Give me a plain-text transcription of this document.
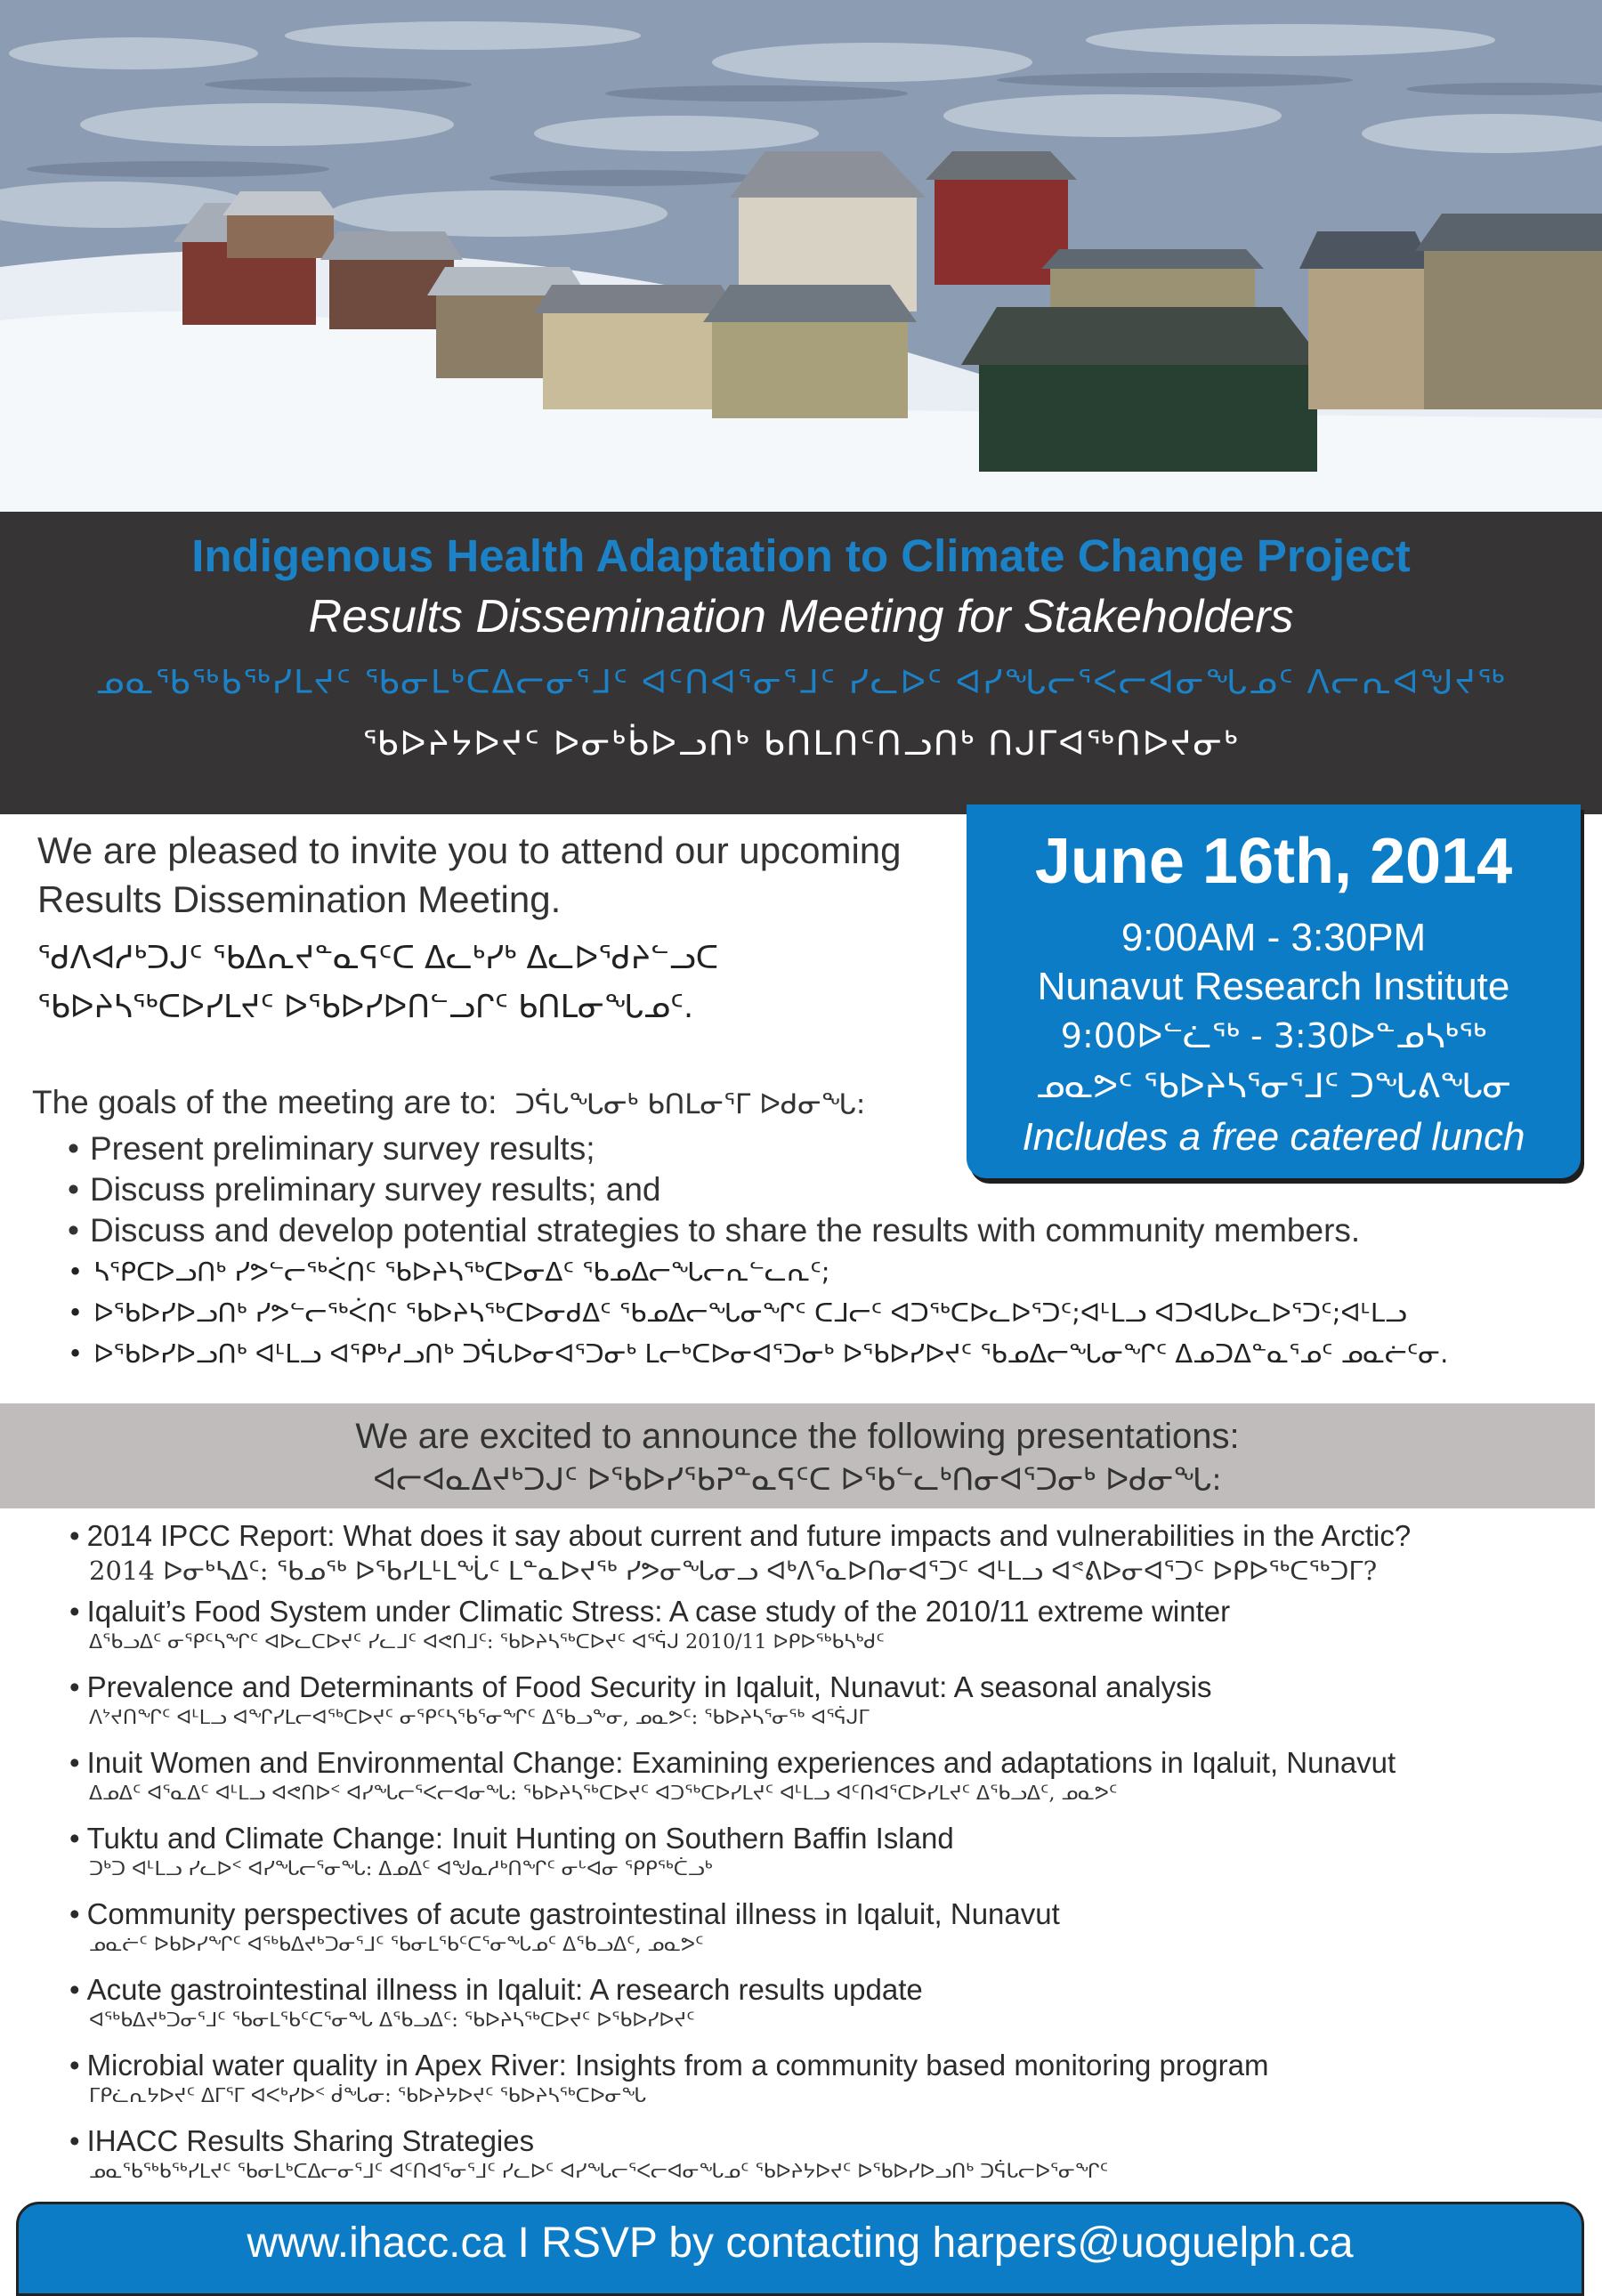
Indigenous Health Adaptation to Climate Change Project
Results Dissemination Meeting for Stakeholders
ᓄᓇᖃᖅᑲᖅᓯᒪᔪᑦ ᖃᓂᒪᒃᑕᐃᓕᓂᕐᒧᑦ ᐊᑦᑎᐊᕐᓂᕐᒧᑦ ᓯᓚᐅᑦ ᐊᓯᖓᓕᕐᐸᓕᐊᓂᖓᓄᑦ ᐱᓕᕆᐊᖑᔪᖅ
ᖃᐅᔨᔭᐅᔪᑦ ᐅᓂᒃᑳᐅᓗᑎᒃ ᑲᑎᒪᑎᑦᑎᓗᑎᒃ ᑎᒍᒥᐊᖅᑎᐅᔪᓂᒃ
We are pleased to invite you to attend our upcoming Results Dissemination Meeting.
ᖁᐱᐊᓱᒃᑐᒍᑦ ᖃᐃᕆᔪᓐᓇᕋᑦᑕ ᐃᓚᒃᓯᒃ ᐃᓚᐅᖁᔨᓪᓗᑕ ᖃᐅᔨᓴᖅᑕᐅᓯᒪᔪᑦ ᐅᖃᐅᓯᐅᑎᓪᓗᒋᑦ ᑲᑎᒪᓂᖓᓄᑦ.
June 16th, 2014
9:00AM - 3:30PM
Nunavut Research Institute
9:00ᐅᓪᓛᖅ - 3:30ᐅᓐᓄᓴᒃᖅ
ᓄᓇᕗᑦ ᖃᐅᔨᓴᕐᓂᕐᒧᑦ ᑐᖓᕕᖓᓂ
Includes a free catered lunch
The goals of the meeting are to: ᑐᕌᒐᖓᓂᒃ ᑲᑎᒪᓂᕐᒥ ᐅᑯᓂᖓ:
• Present preliminary survey results;
• Discuss preliminary survey results; and
• Discuss and develop potential strategies to share the results with community members.
• ᓴᕿᑕᐅᓗᑎᒃ ᓯᕗᓪᓕᖅᐹᑎᑦ ᖃᐅᔨᓴᖅᑕᐅᓂᐃᑦ ᖃᓄᐃᓕᖓᓕᕆᓪᓚᕆᑦ;
• ᐅᖃᐅᓯᐅᓗᑎᒃ ᓯᕗᓪᓕᖅᐹᑎᑦ ᖃᐅᔨᓴᖅᑕᐅᓂᑯᐃᑦ ᖃᓄᐃᓕᖓᓂᖏᑦ ᑕᒧᓕᑦ ᐊᑐᖅᑕᐅᓚᐅᕐᑐᑦ;ᐊᒻᒪᓗ ᐊᑐᐊᒐᐅᓚᐅᕐᑐᑦ;ᐊᒻᒪᓗ
• ᐅᖃᐅᓯᐅᓗᑎᒃ ᐊᒻᒪᓗ ᐊᕿᒃᓱᓗᑎᒃ ᑐᕌᒐᐅᓂᐊᕐᑐᓂᒃ ᒪᓕᒃᑕᐅᓂᐊᕐᑐᓂᒃ ᐅᖃᐅᓯᐅᔪᑦ ᖃᓄᐃᓕᖓᓂᖏᑦ ᐃᓄᑐᐃᓐᓇᕐᓄᑦ ᓄᓇᓖᑦᓂ.
We are excited to announce the following presentations:
ᐊᓕᐊᓇᐃᔪᒃᑐᒍᑦ ᐅᖃᐅᓯᖃᕈᓐᓇᕋᑦᑕ ᐅᖃᓪᓚᒃᑎᓂᐊᕐᑐᓂᒃ ᐅᑯᓂᖓ:
• 2014 IPCC Report: What does it say about current and future impacts and vulnerabilities in the Arctic?
2014 ᐅᓂᒃᓴᐃᑦ: ᖃᓄᖅ ᐅᖃᓯᒪᒻᒪᖔᑦ ᒪᓐᓇᐅᔪᖅ ᓯᕗᓂᖓᓂᓗ ᐊᒃᐱᕐᓇᐅᑎᓂᐊᕐᑐᑦ ᐊᒻᒪᓗ ᐊᕝᕕᐅᓂᐊᕐᑐᑦ ᐅᑭᐅᖅᑕᖅᑐᒥ?
• Iqaluit’s Food System under Climatic Stress: A case study of the 2010/11 extreme winter
ᐃᖃᓗᐃᑦ ᓂᕿᑦᓴᖏᑦ ᐊᐅᓚᑕᐅᔪᑦ ᓯᓚᒧᑦ ᐊᕙᑎᒧᑦ: ᖃᐅᔨᓴᖅᑕᐅᔪᑦ ᐊᕐᕌᒍ 2010/11 ᐅᑭᐅᖅᑲᓴᒃᑯᑦ
• Prevalence and Determinants of Food Security in Iqaluit, Nunavut: A seasonal analysis
ᐱᔾᔪᑎᖏᑦ ᐊᒻᒪᓗ ᐊᖏᓯᒪᓕᐊᖅᑕᐅᔪᑦ ᓂᕿᑦᓴᖃᕐᓂᖏᑦ ᐃᖃᓗᖕᓂ, ᓄᓇᕗᑦ: ᖃᐅᔨᓴᕐᓂᖅ ᐊᕐᕌᒍᒥ
• Inuit Women and Environmental Change: Examining experiences and adaptations in Iqaluit, Nunavut
ᐃᓄᐃᑦ ᐊᕐᓇᐃᑦ ᐊᒻᒪᓗ ᐊᕙᑎᐅᑉ ᐊᓯᖓᓕᕐᐸᓕᐊᓂᖓ: ᖃᐅᔨᓴᖅᑕᐅᔪᑦ ᐊᑐᖅᑕᐅᓯᒪᔪᑦ ᐊᒻᒪᓗ ᐊᑦᑎᐊᕐᑕᐅᓯᒪᔪᑦ ᐃᖃᓗᐃᑦ, ᓄᓇᕗᑦ
• Tuktu and Climate Change: Inuit Hunting on Southern Baffin Island
ᑐᒃᑐ ᐊᒻᒪᓗ ᓯᓚᐅᑉ ᐊᓯᖓᓕᕐᓂᖓ: ᐃᓄᐃᑦ ᐊᖑᓇᓱᒃᑎᖏᑦ ᓂᒡᐊᓂ ᕿᑭᖅᑖᓗᒃ
• Community perspectives of acute gastrointestinal illness in Iqaluit, Nunavut
ᓄᓇᓖᑦ ᐅᑲᐅᓯᖏᑦ ᐊᖅᑲᐃᔪᒃᑐᓂᕐᒧᑦ ᖃᓂᒪᖃᑦᑕᕐᓂᖓᓄᑦ ᐃᖃᓗᐃᑦ, ᓄᓇᕗᑦ
• Acute gastrointestinal illness in Iqaluit: A research results update
ᐊᖅᑲᐃᔪᒃᑐᓂᕐᒧᑦ ᖃᓂᒪᖃᑦᑕᕐᓂᖓ ᐃᖃᓗᐃᑦ: ᖃᐅᔨᓴᖅᑕᐅᔪᑦ ᐅᖃᐅᓯᐅᔪᑦ
• Microbial water quality in Apex River: Insights from a community based monitoring program
ᒥᑭᓛᕆᔭᐅᔪᑦ ᐃᒥᕐᒥ ᐊᐸᒃᓯᐅᑉ ᑰᖓᓂ: ᖃᐅᔨᔭᐅᔪᑦ ᖃᐅᔨᓴᖅᑕᐅᓂᖓ
• IHACC Results Sharing Strategies
ᓄᓇᖃᖅᑲᖅᓯᒪᔪᑦ ᖃᓂᒪᒃᑕᐃᓕᓂᕐᒧᑦ ᐊᑦᑎᐊᕐᓂᕐᒧᑦ ᓯᓚᐅᑦ ᐊᓯᖓᓕᕐᐸᓕᐊᓂᖓᓄᑦ ᖃᐅᔨᔭᐅᔪᑦ ᐅᖃᐅᓯᐅᓗᑎᒃ ᑐᕌᒐᓕᐅᕐᓂᖏᑦ
www.ihacc.ca I RSVP by contacting harpers@uoguelph.ca
